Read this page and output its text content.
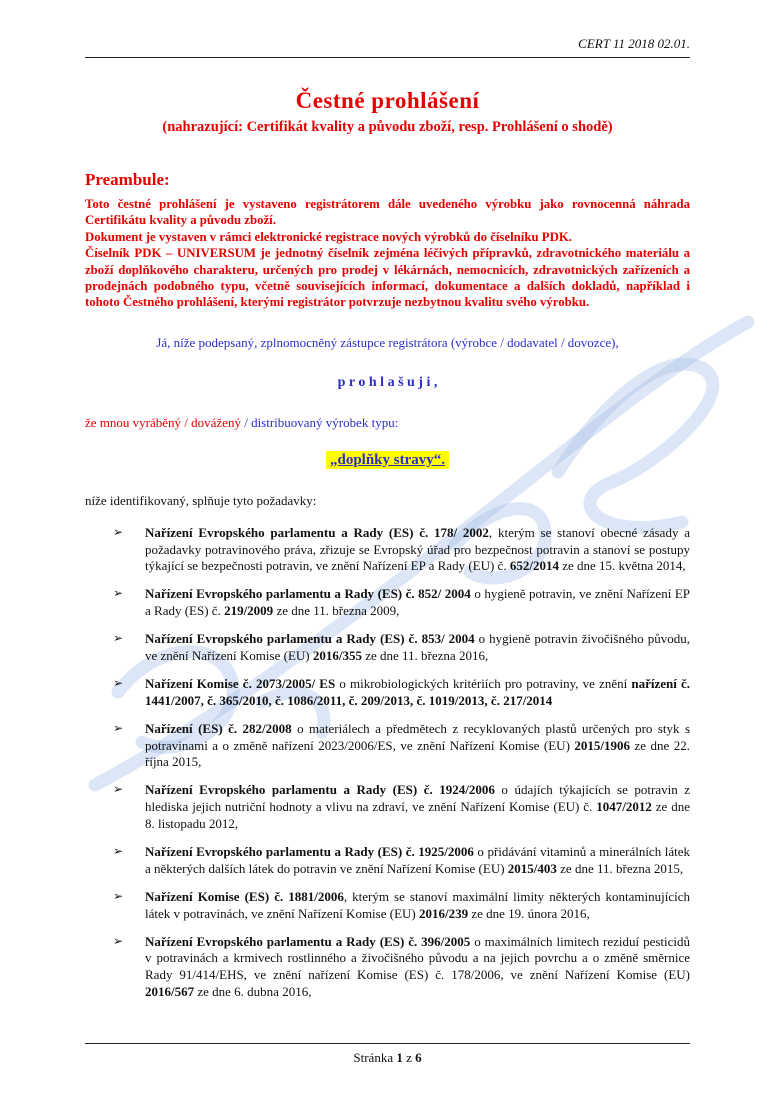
CERT 11 2018 02.01.
Čestné prohlášení
(nahrazující: Certifikát kvality a původu zboží, resp. Prohlášení o shodě)
Preambule:

Toto čestné prohlášení je vystaveno registrátorem dále uvedeného výrobku jako rovnocenná náhrada Certifikátu kvality a původu zboží.

Dokument je vystaven v rámci elektronické registrace nových výrobků do číselníku PDK.

Číselník PDK – UNIVERSUM je jednotný číselník zejména léčivých přípravků, zdravotnického materiálu a zboží doplňkového charakteru, určených pro prodej v lékárnách, nemocnicích, zdravotnických zařízeních a prodejnách podobného typu, včetně souvisejících informací, dokumentace a dalších dokladů, například i tohoto Čestného prohlášení, kterými registrátor potvrzuje nezbytnou kvalitu svého výrobku.

Já, níže podepsaný, zplnomocněný zástupce registrátora (výrobce / dodavatel / dovozce),

p r o h l a š u j i ,

že mnou vyráběný / dovážený / distribuovaný výrobek typu:

„doplňky stravy“.

níže identifikovaný, splňuje tyto požadavky:

➢ Nařízení Evropského parlamentu a Rady (ES) č. 178/ 2002, kterým se stanoví obecné zásady a požadavky potravinového práva, zřizuje se Evropský úřad pro bezpečnost potravin a stanoví se postupy týkající se bezpečnosti potravin, ve znění Nařízení EP a Rady (EU) č. 652/2014 ze dne 15. května 2014,
➢ Nařízení Evropského parlamentu a Rady (ES) č. 852/ 2004 o hygieně potravin, ve znění Nařízení EP a Rady (ES) č. 219/2009 ze dne 11. března 2009,
➢ Nařízení Evropského parlamentu a Rady (ES) č. 853/ 2004 o hygieně potravin živočišného původu, ve znění Nařízení Komise (EU) 2016/355 ze dne 11. března 2016,
➢ Nařízení Komise č. 2073/2005/ ES o mikrobiologických kritériích pro potraviny, ve znění nařízení č. 1441/2007, č. 365/2010, č. 1086/2011, č. 209/2013, č. 1019/2013, č. 217/2014
➢ Nařízení (ES) č. 282/2008 o materiálech a předmětech z recyklovaných plastů určených pro styk s potravinami a o změně nařízení 2023/2006/ES, ve znění Nařízení Komise (EU) 2015/1906 ze dne 22. října 2015,
➢ Nařízení Evropského parlamentu a Rady (ES) č. 1924/2006 o údajích týkajících se potravin z hlediska jejich nutriční hodnoty a vlivu na zdraví, ve znění Nařízení Komise (EU) č. 1047/2012 ze dne 8. listopadu 2012,
➢ Nařízení Evropského parlamentu a Rady (ES) č. 1925/2006 o přidávání vitaminů a minerálních látek a některých dalších látek do potravin ve znění Nařízení Komise (EU) 2015/403 ze dne 11. března 2015,
➢ Nařízení Komise (ES) č. 1881/2006, kterým se stanoví maximální limity některých kontaminujících látek v potravinách, ve znění Nařízení Komise (EU) 2016/239 ze dne 19. února 2016,
➢ Nařízení Evropského parlamentu a Rady (ES) č. 396/2005 o maximálních limitech reziduí pesticidů v potravinách a krmivech rostlinného a živočišného původu a na jejich povrchu a o změně směrnice Rady 91/414/EHS, ve znění nařízení Komise (ES) č. 178/2006, ve znění Nařízení Komise (EU) 2016/567 ze dne 6. dubna 2016,
Stránka 1 z 6
